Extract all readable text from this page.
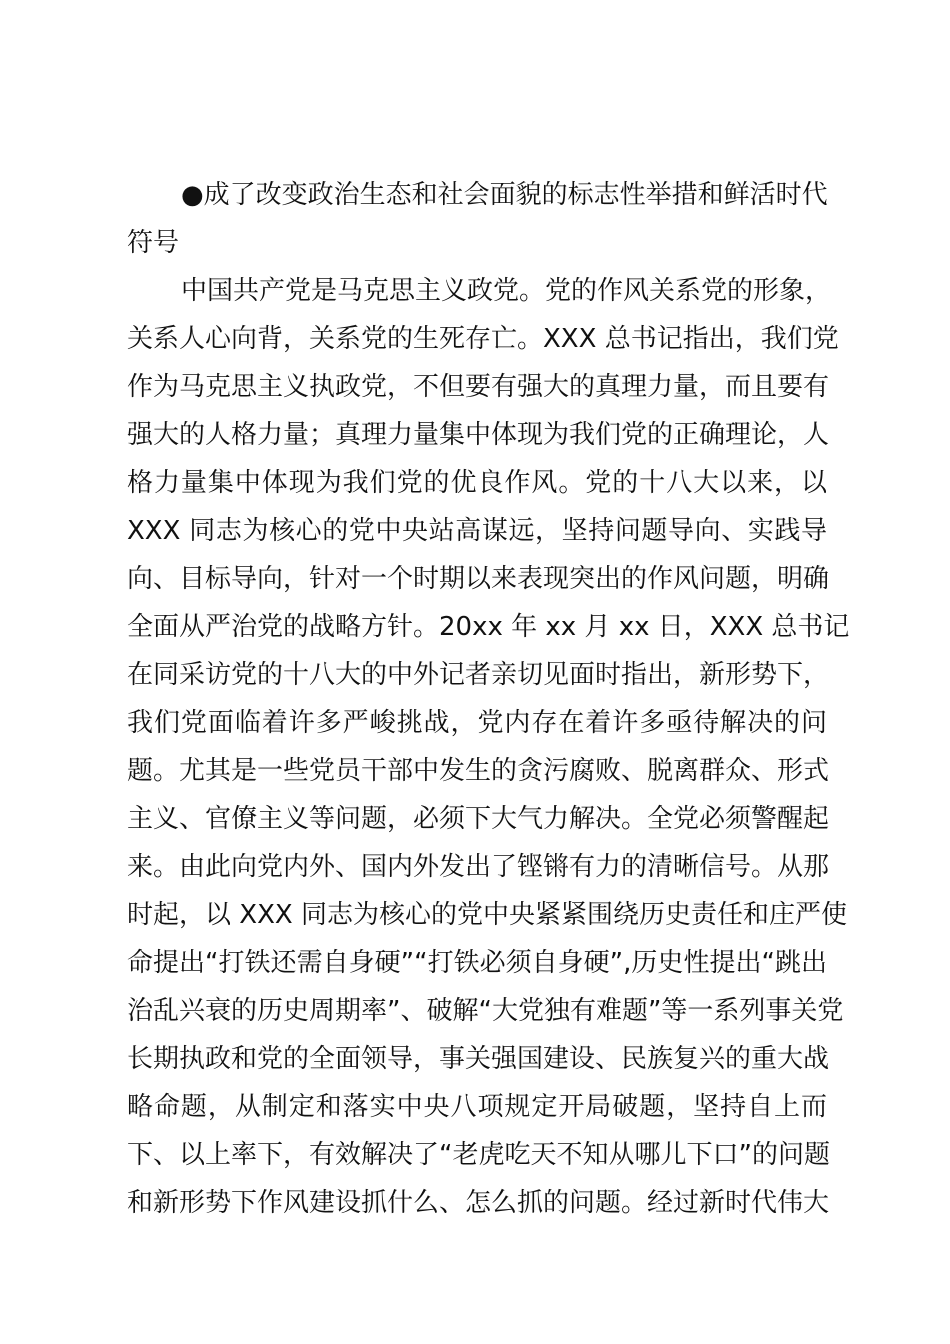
●成了改变政治生态和社会面貌的标志性举措和鲜活时代
符号
中国共产党是马克思主义政党。党的作风关系党的形象，
关系人心向背，关系党的生死存亡。XXX 总书记指出，我们党
作为马克思主义执政党，不但要有强大的真理力量，而且要有
强大的人格力量；真理力量集中体现为我们党的正确理论，人
格力量集中体现为我们党的优良作风。党的十八大以来，以
XXX 同志为核心的党中央站高谋远，坚持问题导向、实践导
向、目标导向，针对一个时期以来表现突出的作风问题，明确
全面从严治党的战略方针。20xx 年 xx 月 xx 日，XXX 总书记
在同采访党的十八大的中外记者亲切见面时指出，新形势下，
我们党面临着许多严峻挑战，党内存在着许多亟待解决的问
题。尤其是一些党员干部中发生的贪污腐败、脱离群众、形式
主义、官僚主义等问题，必须下大气力解决。全党必须警醒起
来。由此向党内外、国内外发出了铿锵有力的清晰信号。从那
时起，以 XXX 同志为核心的党中央紧紧围绕历史责任和庄严使
命提出“打铁还需自身硬”“打铁必须自身硬”,历史性提出“跳出
治乱兴衰的历史周期率”、破解“大党独有难题”等一系列事关党
长期执政和党的全面领导，事关强国建设、民族复兴的重大战
略命题，从制定和落实中央八项规定开局破题，坚持自上而
下、以上率下，有效解决了“老虎吃天不知从哪儿下口”的问题
和新形势下作风建设抓什么、怎么抓的问题。经过新时代伟大
